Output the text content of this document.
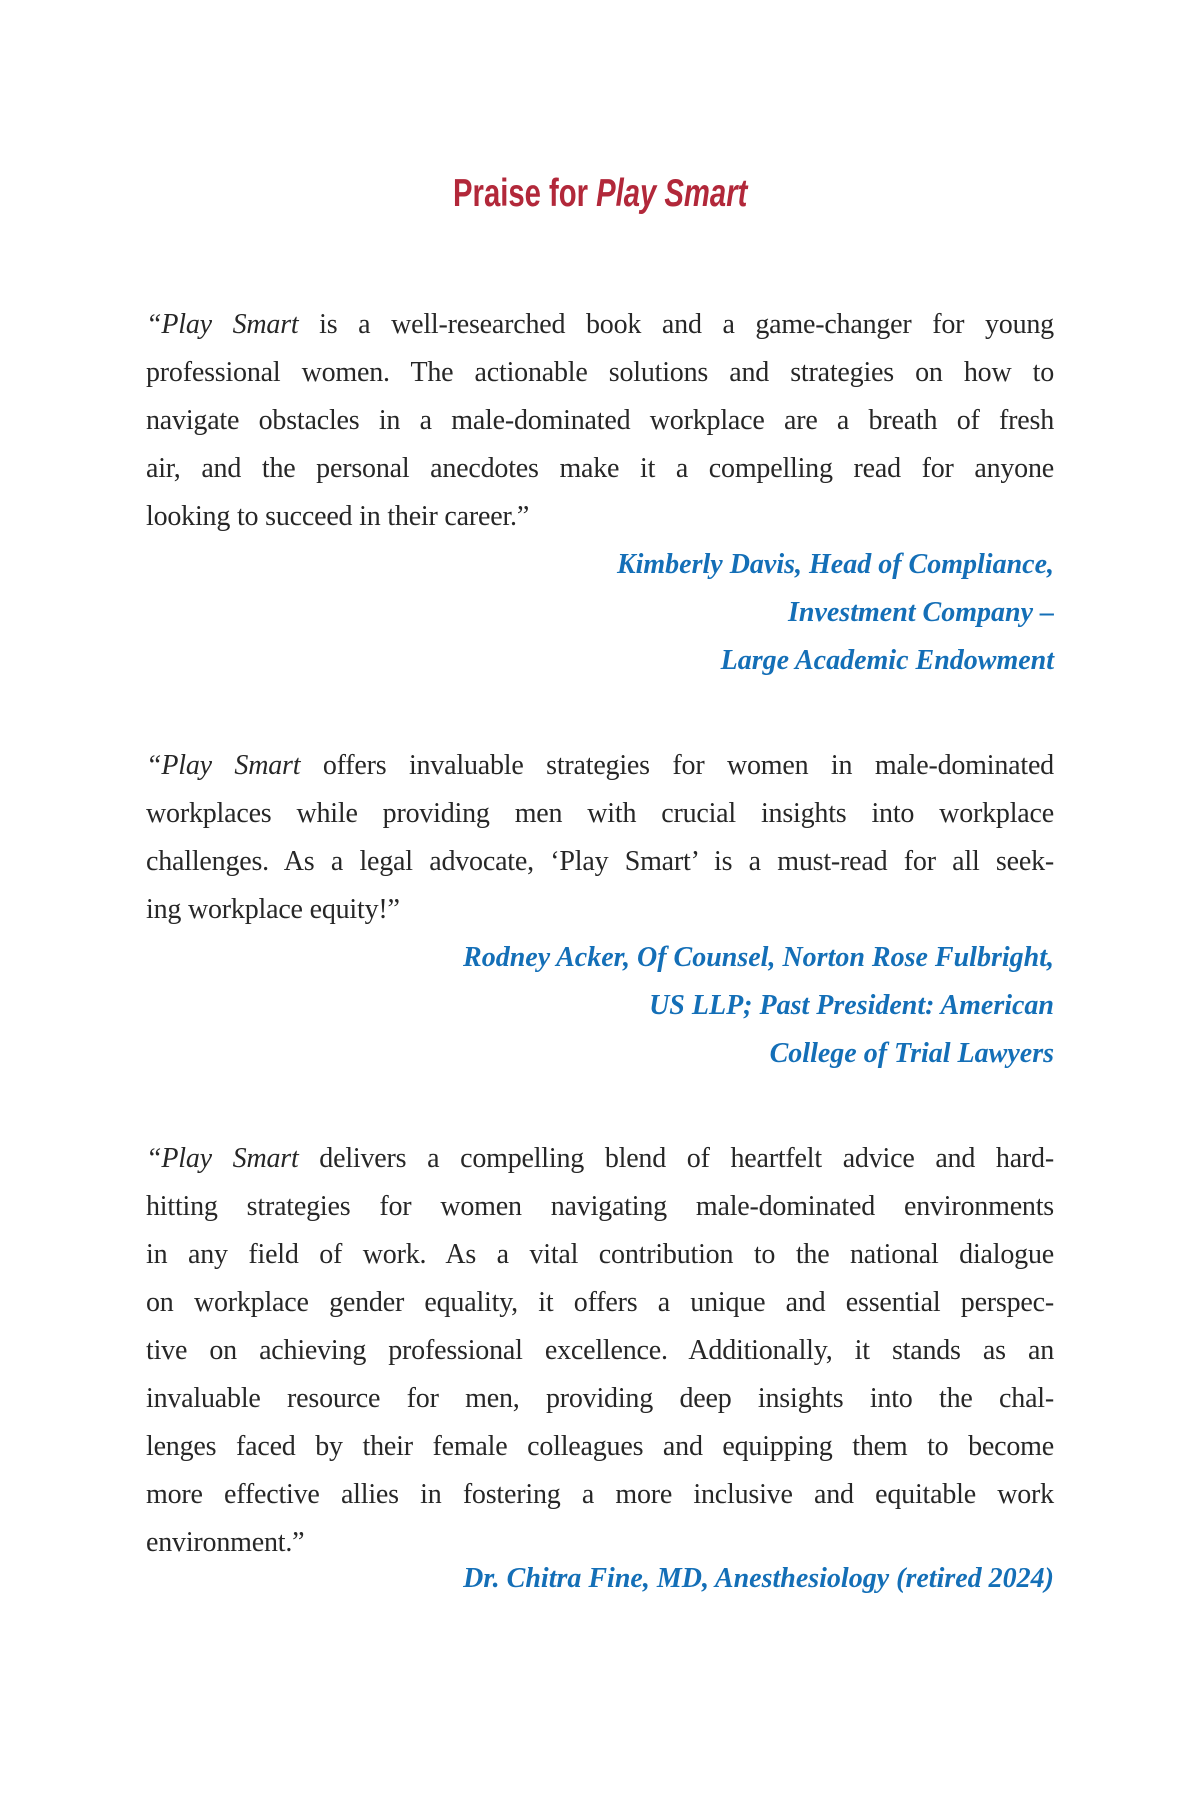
Praise for Play Smart
“Play Smart is a well-researched book and a game-changer for young
professional women. The actionable solutions and strategies on how to
navigate obstacles in a male-dominated workplace are a breath of fresh
air, and the personal anecdotes make it a compelling read for anyone
looking to succeed in their career.”
Kimberly Davis, Head of Compliance,
Investment Company –
Large Academic Endowment
“Play Smart offers invaluable strategies for women in male-dominated
workplaces while providing men with crucial insights into workplace
challenges. As a legal advocate, ‘Play Smart’ is a must-read for all seek-
ing workplace equity!”
Rodney Acker, Of Counsel, Norton Rose Fulbright,
US LLP; Past President: American
College of Trial Lawyers
“Play Smart delivers a compelling blend of heartfelt advice and hard-
hitting strategies for women navigating male-dominated environments
in any field of work. As a vital contribution to the national dialogue
on workplace gender equality, it offers a unique and essential perspec-
tive on achieving professional excellence. Additionally, it stands as an
invaluable resource for men, providing deep insights into the chal-
lenges faced by their female colleagues and equipping them to become
more effective allies in fostering a more inclusive and equitable work
environment.”
Dr. Chitra Fine, MD, Anesthesiology (retired 2024)
